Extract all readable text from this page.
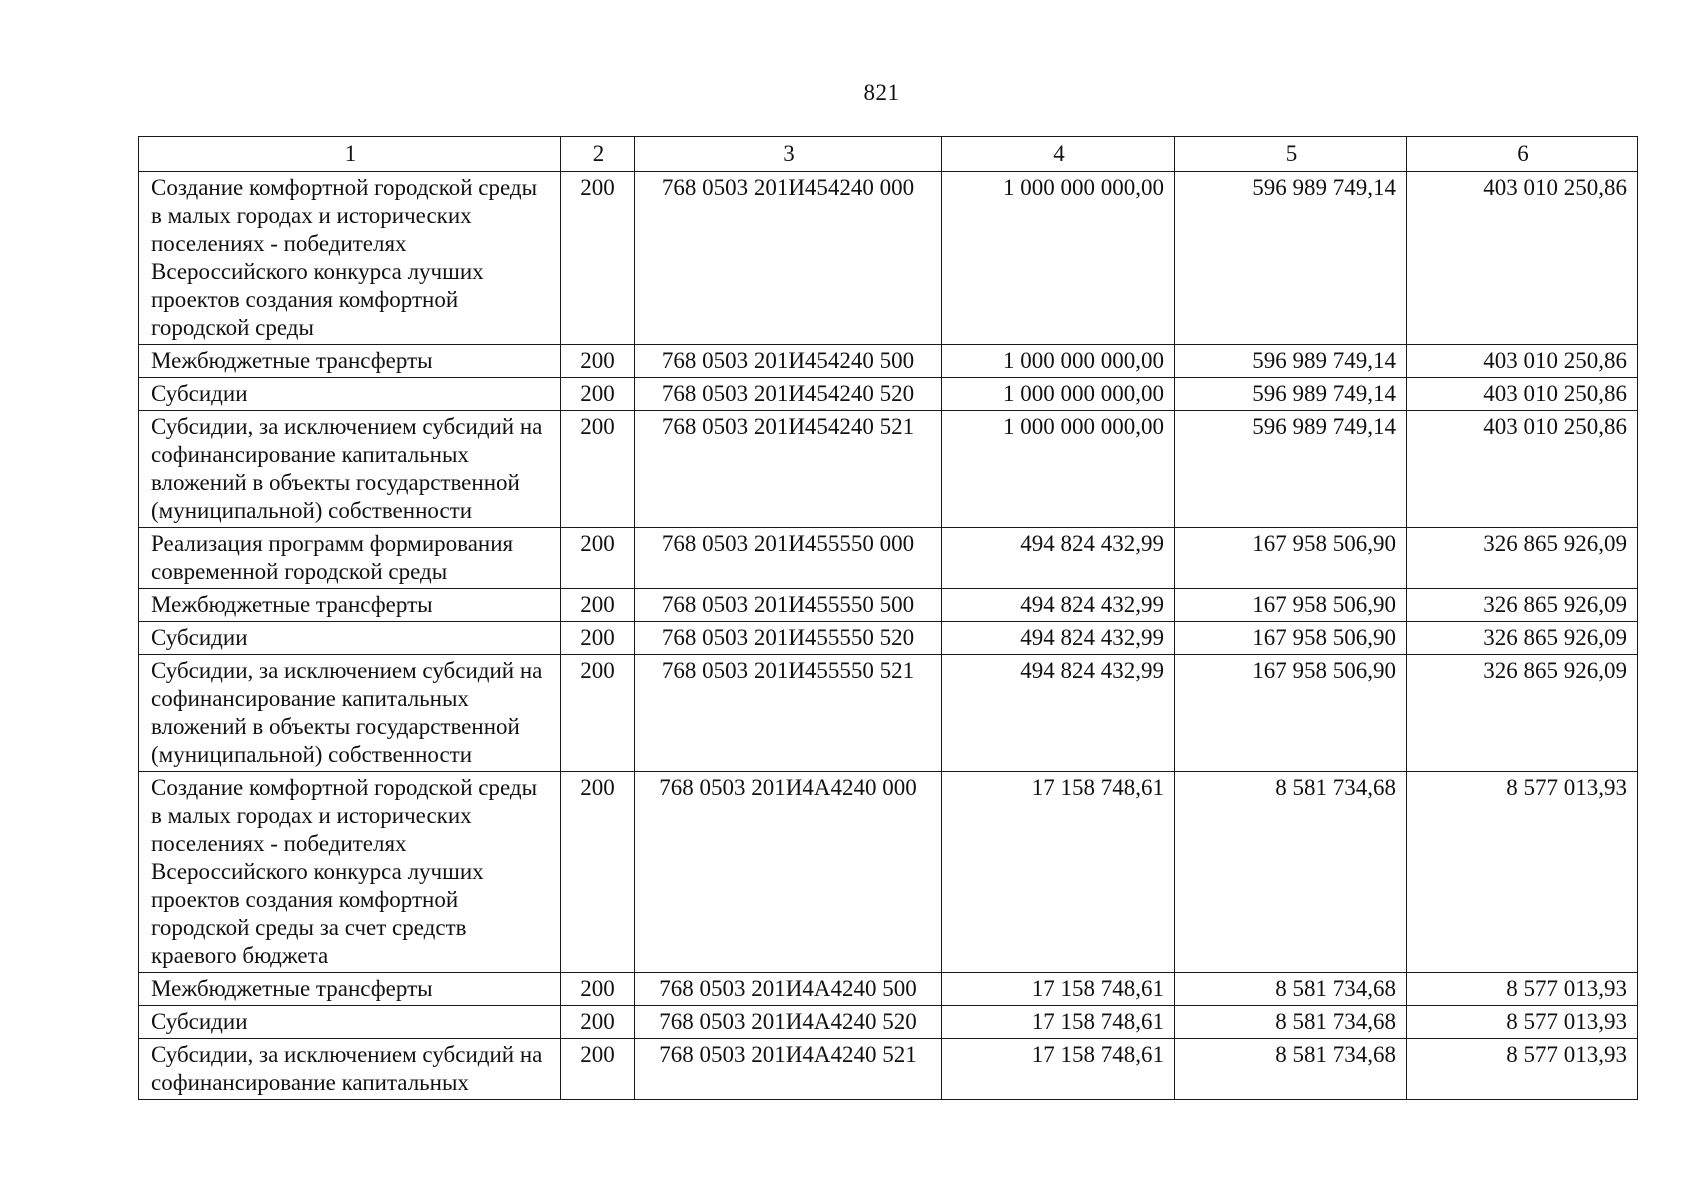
821
1	2	3	4	5	6
Создание комфортной городской среды в малых городах и исторических поселениях - победителях Всероссийского конкурса лучших проектов создания комфортной городской среды	200	768 0503 201И454240 000	1 000 000 000,00	596 989 749,14	403 010 250,86
Межбюджетные трансферты	200	768 0503 201И454240 500	1 000 000 000,00	596 989 749,14	403 010 250,86
Субсидии	200	768 0503 201И454240 520	1 000 000 000,00	596 989 749,14	403 010 250,86
Субсидии, за исключением субсидий на софинансирование капитальных вложений в объекты государственной (муниципальной) собственности	200	768 0503 201И454240 521	1 000 000 000,00	596 989 749,14	403 010 250,86
Реализация программ формирования современной городской среды	200	768 0503 201И455550 000	494 824 432,99	167 958 506,90	326 865 926,09
Межбюджетные трансферты	200	768 0503 201И455550 500	494 824 432,99	167 958 506,90	326 865 926,09
Субсидии	200	768 0503 201И455550 520	494 824 432,99	167 958 506,90	326 865 926,09
Субсидии, за исключением субсидий на софинансирование капитальных вложений в объекты государственной (муниципальной) собственности	200	768 0503 201И455550 521	494 824 432,99	167 958 506,90	326 865 926,09
Создание комфортной городской среды в малых городах и исторических поселениях - победителях Всероссийского конкурса лучших проектов создания комфортной городской среды за счет средств краевого бюджета	200	768 0503 201И4А4240 000	17 158 748,61	8 581 734,68	8 577 013,93
Межбюджетные трансферты	200	768 0503 201И4А4240 500	17 158 748,61	8 581 734,68	8 577 013,93
Субсидии	200	768 0503 201И4А4240 520	17 158 748,61	8 581 734,68	8 577 013,93
Субсидии, за исключением субсидий на софинансирование капитальных	200	768 0503 201И4А4240 521	17 158 748,61	8 581 734,68	8 577 013,93
